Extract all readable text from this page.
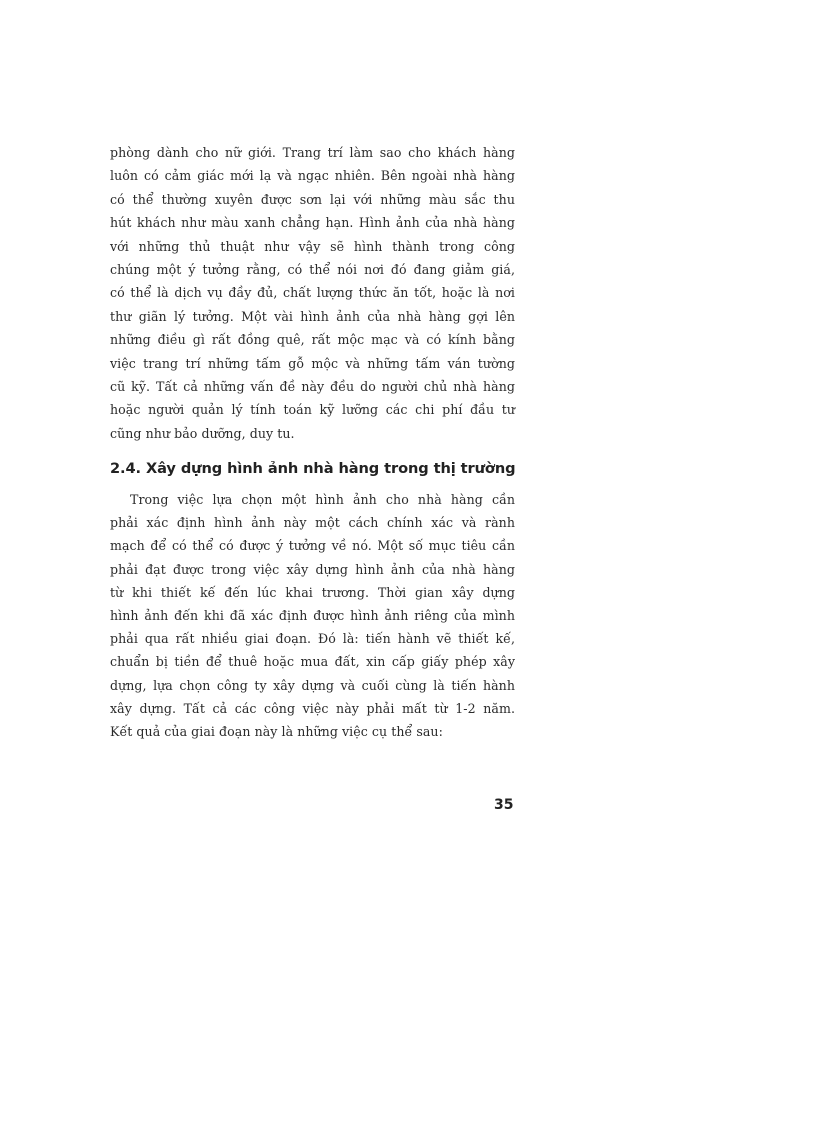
phòng dành cho nữ giới. Trang trí làm sao cho khách hàng
luôn có cảm giác mới lạ và ngạc nhiên. Bên ngoài nhà hàng
có thể thường xuyên được sơn lại với những màu sắc thu
hút khách như màu xanh chẳng hạn. Hình ảnh của nhà hàng
với những thủ thuật như vậy sẽ hình thành trong công
chúng một ý tưởng rằng, có thể nói nơi đó đang giảm giá,
có thể là dịch vụ đầy đủ, chất lượng thức ăn tốt, hoặc là nơi
thư giãn lý tưởng. Một vài hình ảnh của nhà hàng gợi lên
những điều gì rất đồng quê, rất mộc mạc và có kính bằng
việc trang trí những tấm gỗ mộc và những tấm ván tường
cũ kỹ. Tất cả những vấn đề này đều do người chủ nhà hàng
hoặc người quản lý tính toán kỹ lưỡng các chi phí đầu tư
cũng như bảo dưỡng, duy tu.
2.4. Xây dựng hình ảnh nhà hàng trong thị trường
Trong việc lựa chọn một hình ảnh cho nhà hàng cần
phải xác định hình ảnh này một cách chính xác và rành
mạch để có thể có được ý tưởng về nó. Một số mục tiêu cần
phải đạt được trong việc xây dựng hình ảnh của nhà hàng
từ khi thiết kế đến lúc khai trương. Thời gian xây dựng
hình ảnh đến khi đã xác định được hình ảnh riêng của mình
phải qua rất nhiều giai đoạn. Đó là: tiến hành vẽ thiết kế,
chuẩn bị tiền để thuê hoặc mua đất, xin cấp giấy phép xây
dựng, lựa chọn công ty xây dựng và cuối cùng là tiến hành
xây dựng. Tất cả các công việc này phải mất từ 1-2 năm.
Kết quả của giai đoạn này là những việc cụ thể sau:
35
